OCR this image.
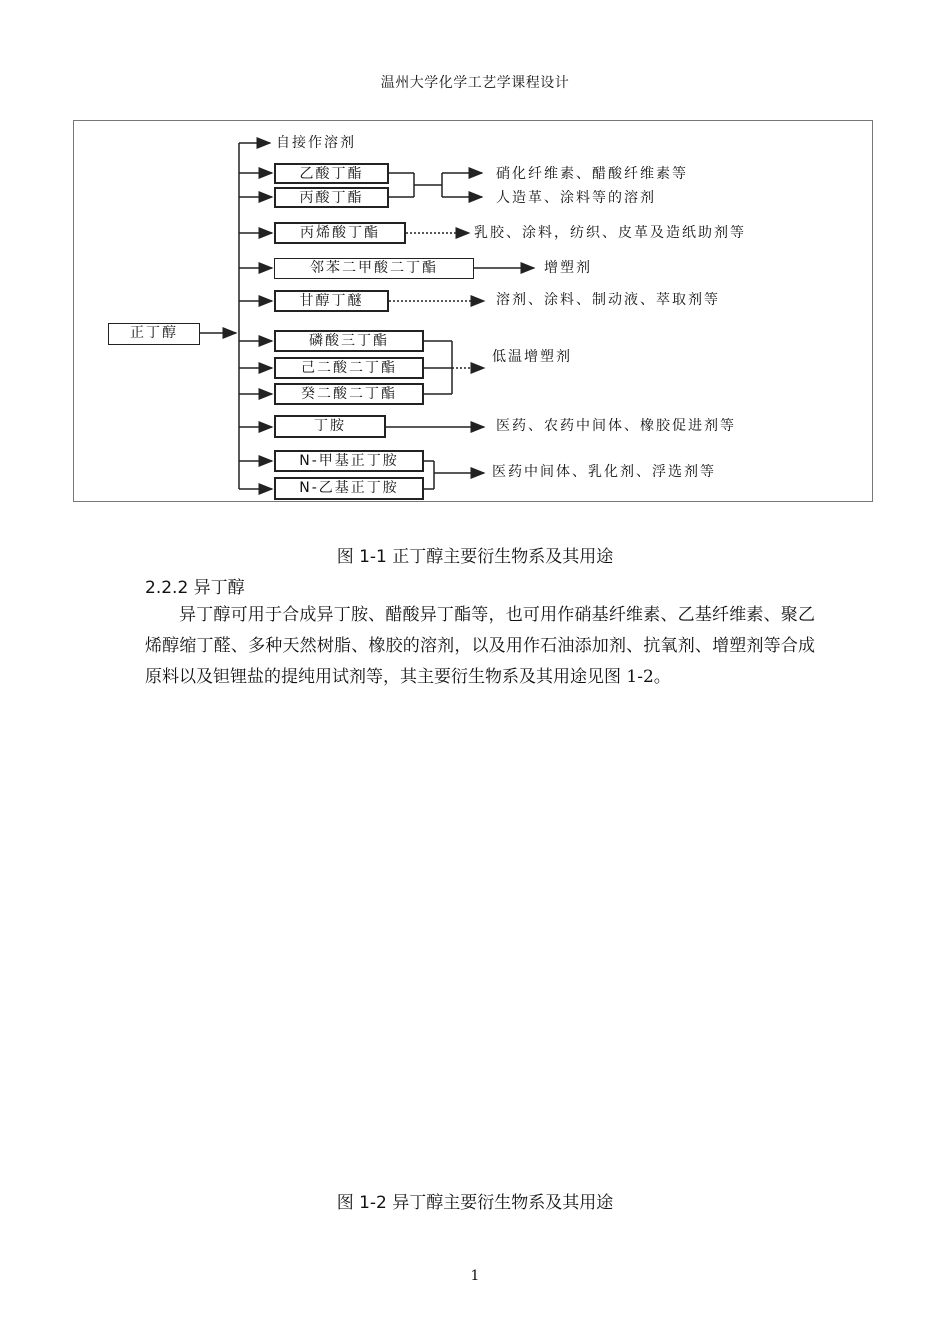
温州大学化学工艺学课程设计
正丁醇
自接作溶剂
乙酸丁酯
丙酸丁酯
丙烯酸丁酯
邻苯二甲酸二丁酯
甘醇丁醚
磷酸三丁酯
己二酸二丁酯
癸二酸二丁酯
丁胺
N-甲基正丁胺
N-乙基正丁胺
硝化纤维素、醋酸纤维素等
人造革、涂料等的溶剂
乳胶、涂料，纺织、皮革及造纸助剂等
增塑剂
溶剂、涂料、制动液、萃取剂等
低温增塑剂
医药、农药中间体、橡胶促进剂等
医药中间体、乳化剂、浮选剂等
图 1-1 正丁醇主要衍生物系及其用途
2.2.2 异丁醇
异丁醇可用于合成异丁胺、醋酸异丁酯等，也可用作硝基纤维素、乙基纤维素、聚乙烯醇缩丁醛、多种天然树脂、橡胶的溶剂，以及用作石油添加剂、抗氧剂、增塑剂等合成原料以及钽锂盐的提纯用试剂等，其主要衍生物系及其用途见图 1-2。
图 1-2 异丁醇主要衍生物系及其用途
1
